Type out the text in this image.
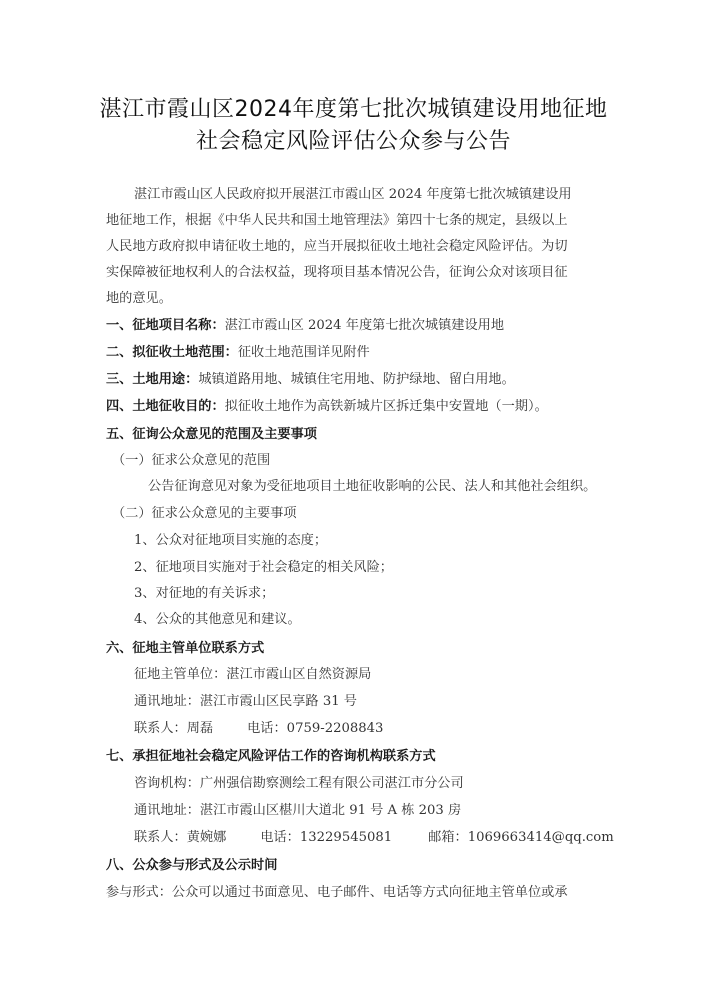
湛江市霞山区2024年度第七批次城镇建设用地征地
社会稳定风险评估公众参与公告
湛江市霞山区人民政府拟开展湛江市霞山区 2024 年度第七批次城镇建设用
地征地工作，根据《中华人民共和国土地管理法》第四十七条的规定，县级以上
人民地方政府拟申请征收土地的，应当开展拟征收土地社会稳定风险评估。为切
实保障被征地权利人的合法权益，现将项目基本情况公告，征询公众对该项目征
地的意见。
一、征地项目名称：湛江市霞山区 2024 年度第七批次城镇建设用地
二、拟征收土地范围：征收土地范围详见附件
三、土地用途：城镇道路用地、城镇住宅用地、防护绿地、留白用地。
四、土地征收目的：拟征收土地作为高铁新城片区拆迁集中安置地（一期）。
五、征询公众意见的范围及主要事项
（一）征求公众意见的范围
公告征询意见对象为受征地项目土地征收影响的公民、法人和其他社会组织。
（二）征求公众意见的主要事项
1、公众对征地项目实施的态度；
2、征地项目实施对于社会稳定的相关风险；
3、对征地的有关诉求；
4、公众的其他意见和建议。
六、征地主管单位联系方式
征地主管单位：湛江市霞山区自然资源局
通讯地址：湛江市霞山区民享路 31 号
联系人：周磊	电话：0759-2208843
七、承担征地社会稳定风险评估工作的咨询机构联系方式
咨询机构：广州强信勘察测绘工程有限公司湛江市分公司
通讯地址：湛江市霞山区椹川大道北 91 号 A 栋 203 房
联系人：黄婉娜	电话：13229545081	邮箱：1069663414@qq.com
八、公众参与形式及公示时间
参与形式：公众可以通过书面意见、电子邮件、电话等方式向征地主管单位或承
